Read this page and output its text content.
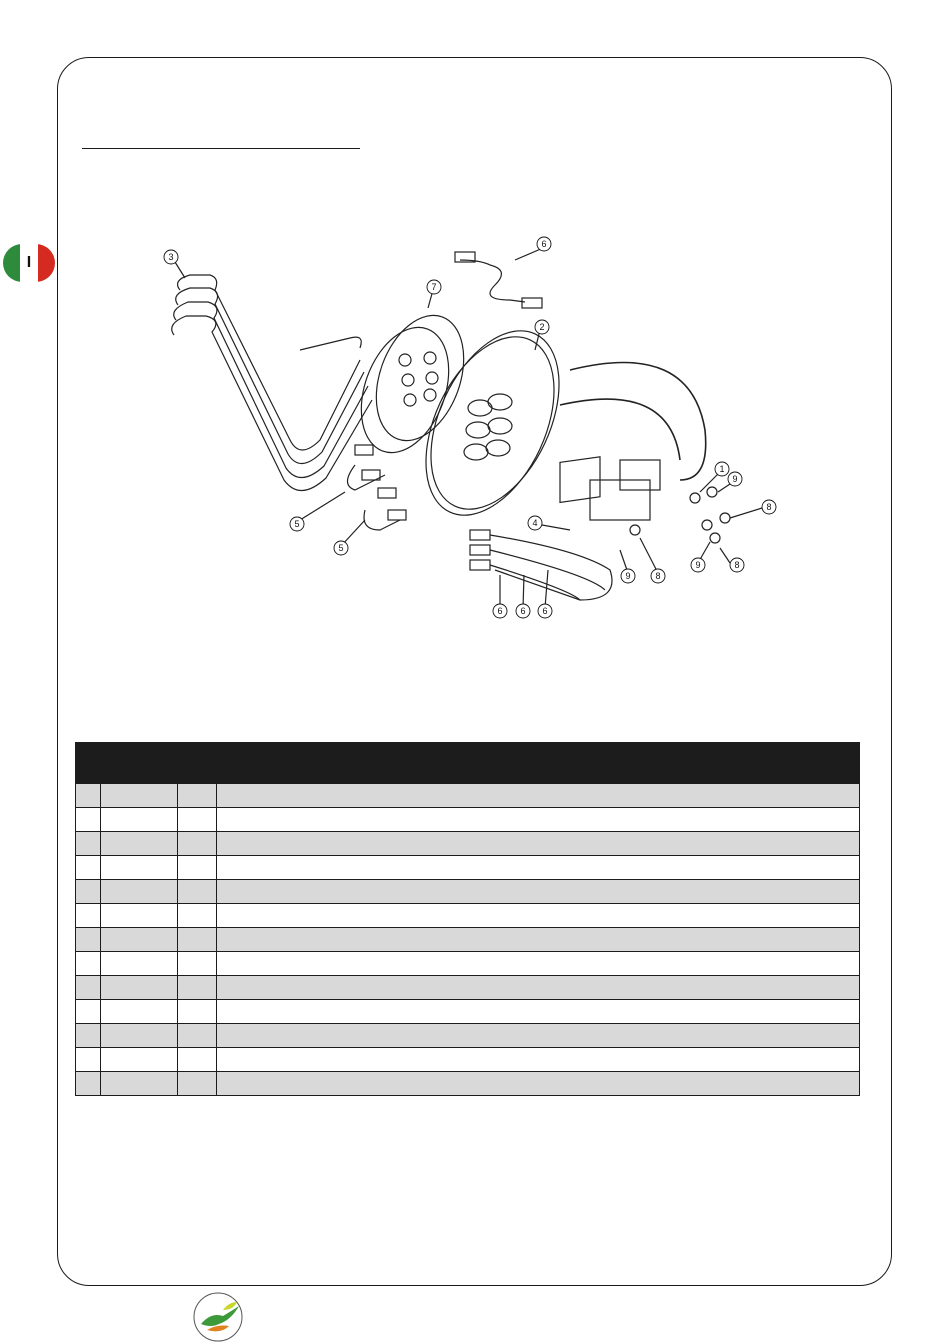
I	3
7
6
2
1
9
8
5
5
4
9	8
9	8
6 6 6
